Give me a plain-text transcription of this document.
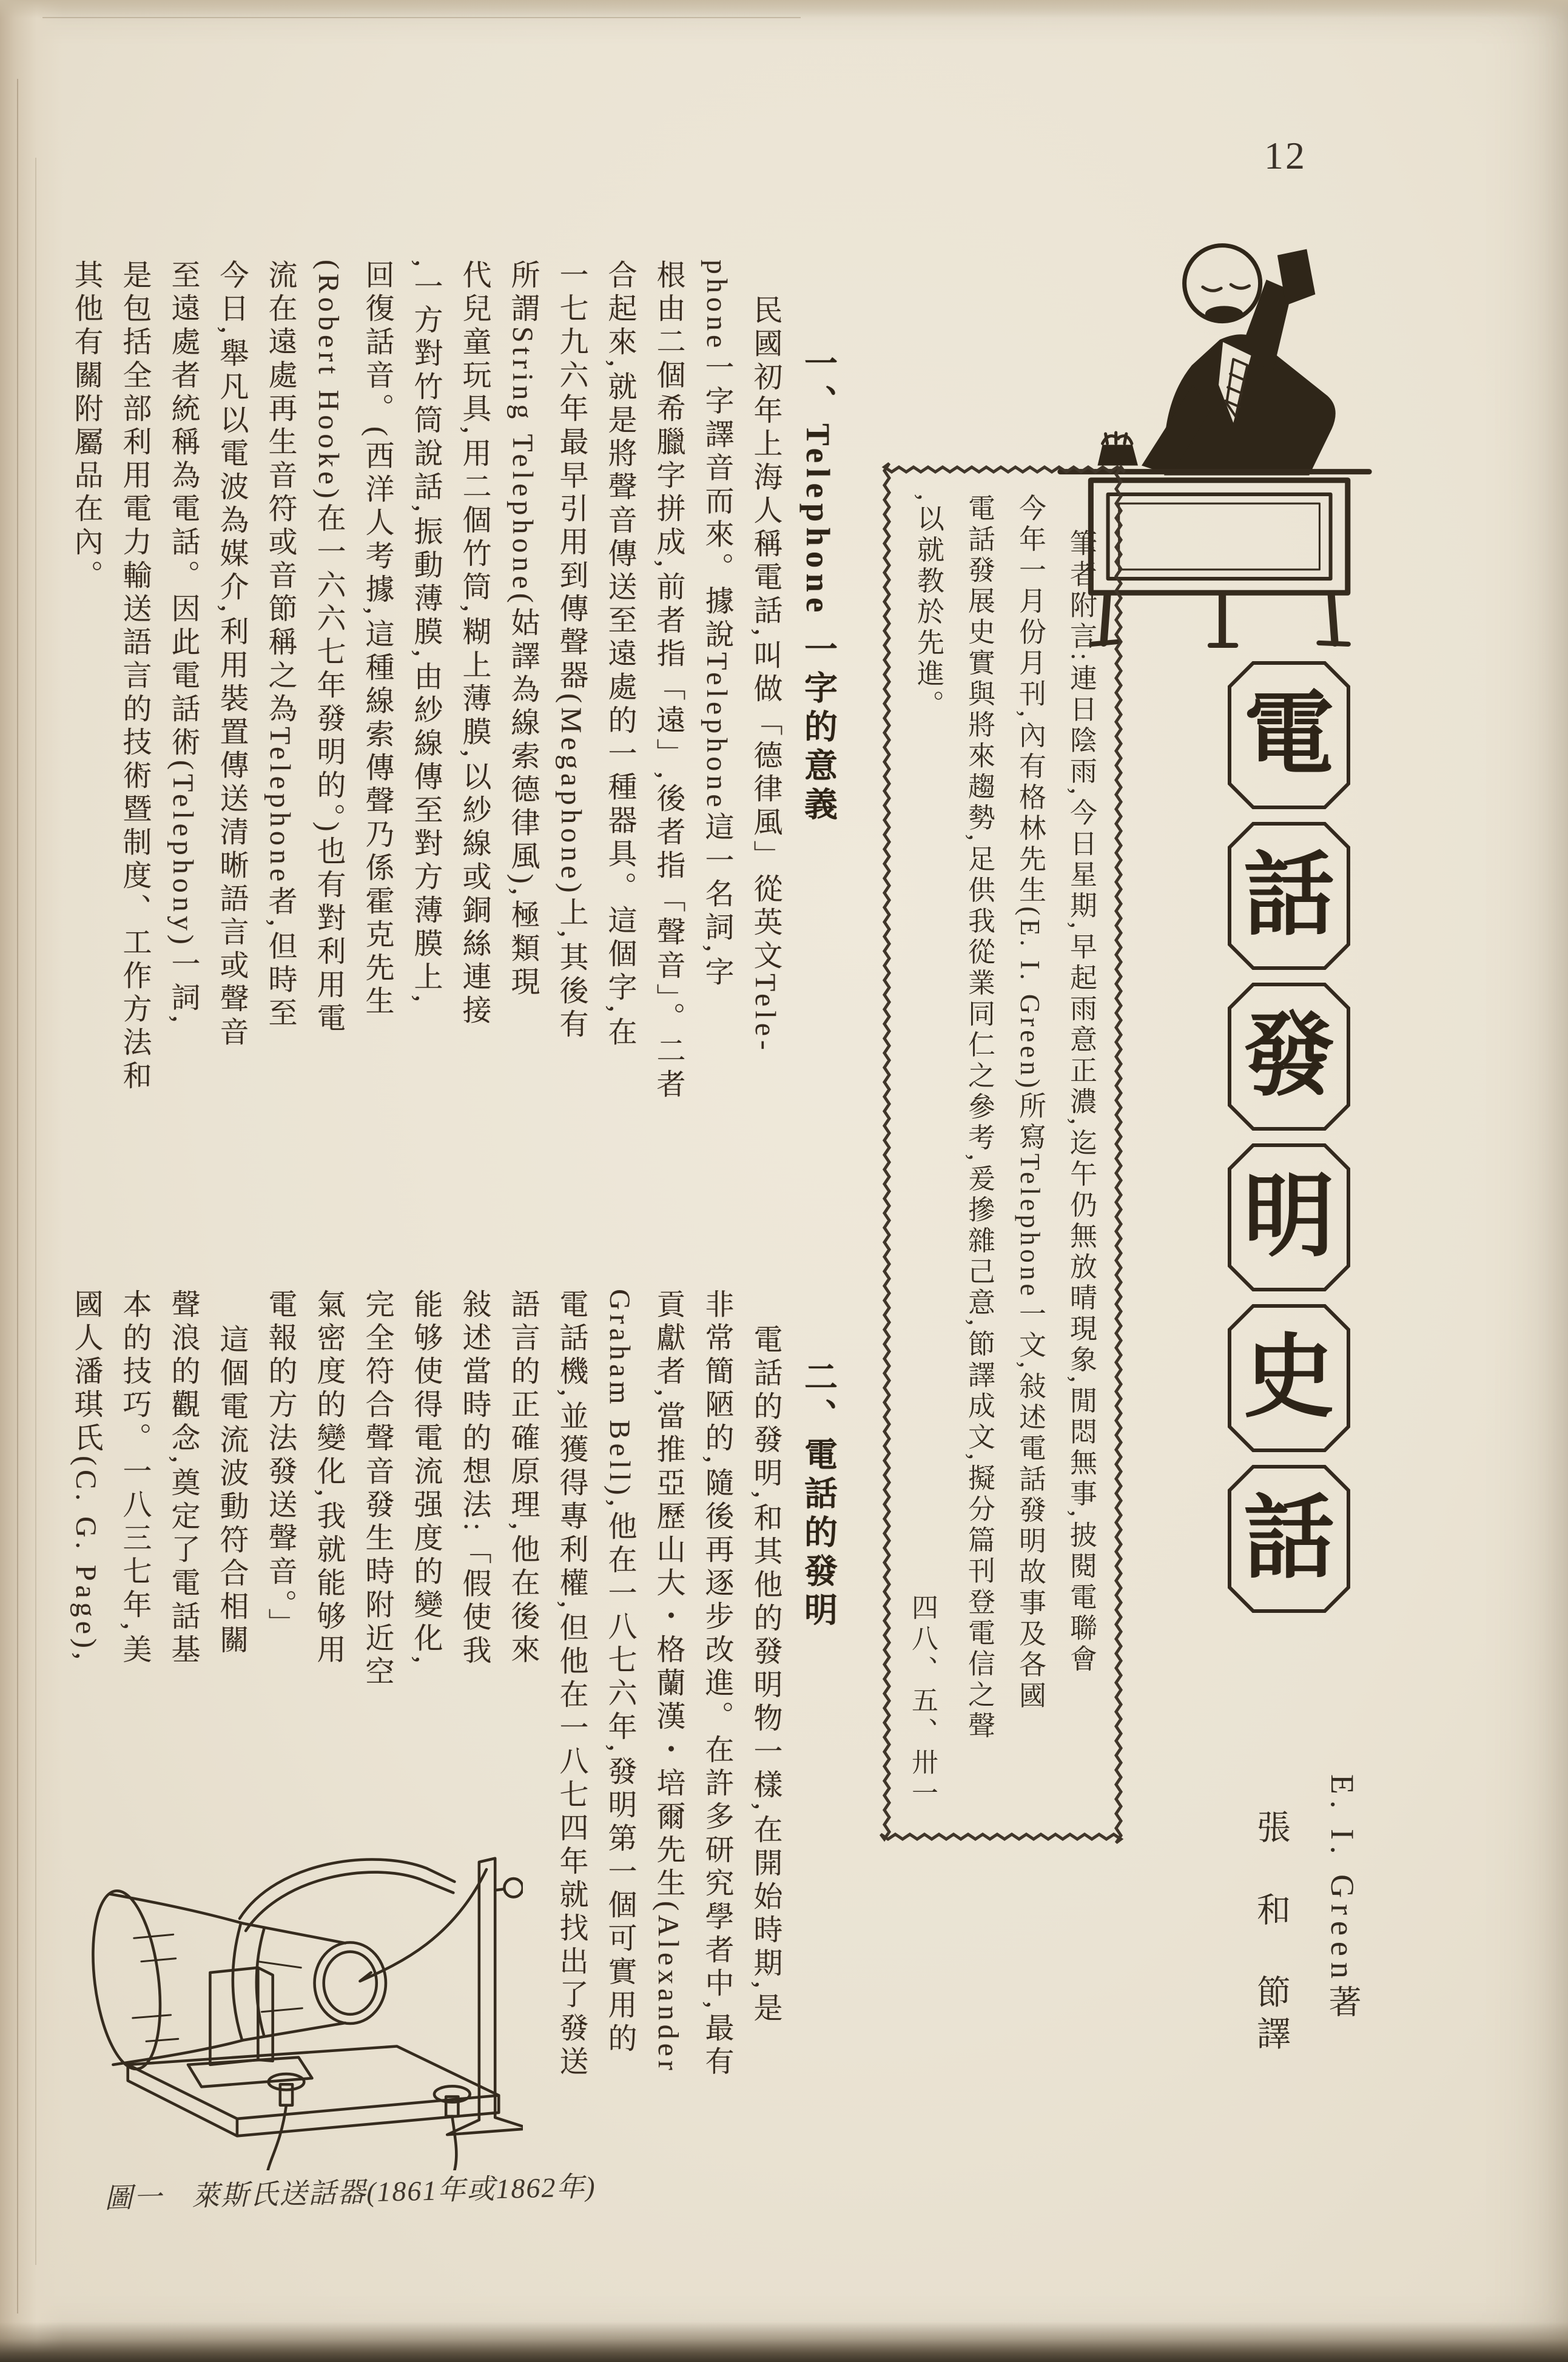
12
電
話
發
明
史
話
E. I. Green著
張　和　節譯
筆者附言:連日陰雨,今日星期,早起雨意正濃,迄午仍無放晴現象,閒悶無事,披閱電聯會
今年一月份月刊,內有格林先生(E. I. Green)所寫Telephone一文,敍述電話發明故事及各國
電話發展史實與將來趨勢,足供我從業同仁之參考,爰摻雜己意,節譯成文,擬分篇刊登電信之聲
,以就教於先進。
四八、五、卅一
一、Telephone 一字的意義
民國初年上海人稱電話,叫做「德律風」從英文Tele-
phone一字譯音而來。據說Telephone這一名詞,字
根由二個希臘字拼成,前者指「遠」,後者指「聲音」。二者
合起來,就是將聲音傳送至遠處的一種器具。這個字,在
一七九六年最早引用到傳聲器(Megaphone)上,其後有
所謂String Telephone(姑譯為線索德律風),極類現
代兒童玩具,用二個竹筒,糊上薄膜,以紗線或銅絲連接
,一方對竹筒說話,振動薄膜,由紗線傳至對方薄膜上,
回復話音。(西洋人考據,這種線索傳聲乃係霍克先生
(Robert Hooke)在一六六七年發明的。)也有對利用電
流在遠處再生音符或音節稱之為Telephone者,但時至
今日,舉凡以電波為媒介,利用裝置傳送清晰語言或聲音
至遠處者統稱為電話。因此電話術(Telephony)一詞,
是包括全部利用電力輸送語言的技術暨制度、工作方法和
其他有關附屬品在內。
二、電話的發明
電話的發明,和其他的發明物一樣,在開始時期,是
非常簡陋的,隨後再逐步改進。在許多研究學者中,最有
貢獻者,當推亞歷山大・格蘭漢・培爾先生(Alexander
Graham Bell),他在一八七六年,發明第一個可實用的
電話機,並獲得專利權,但他在一八七四年就找出了發送
語言的正確原理,他在後來
敍述當時的想法:「假使我
能够使得電流强度的變化,
完全符合聲音發生時附近空
氣密度的變化,我就能够用
電報的方法發送聲音。」
這個電流波動符合相關
聲浪的觀念,奠定了電話基
本的技巧。一八三七年,美
國人潘琪氏(C. G. Page),
圖一　萊斯氏送話器(1861年或1862年)
